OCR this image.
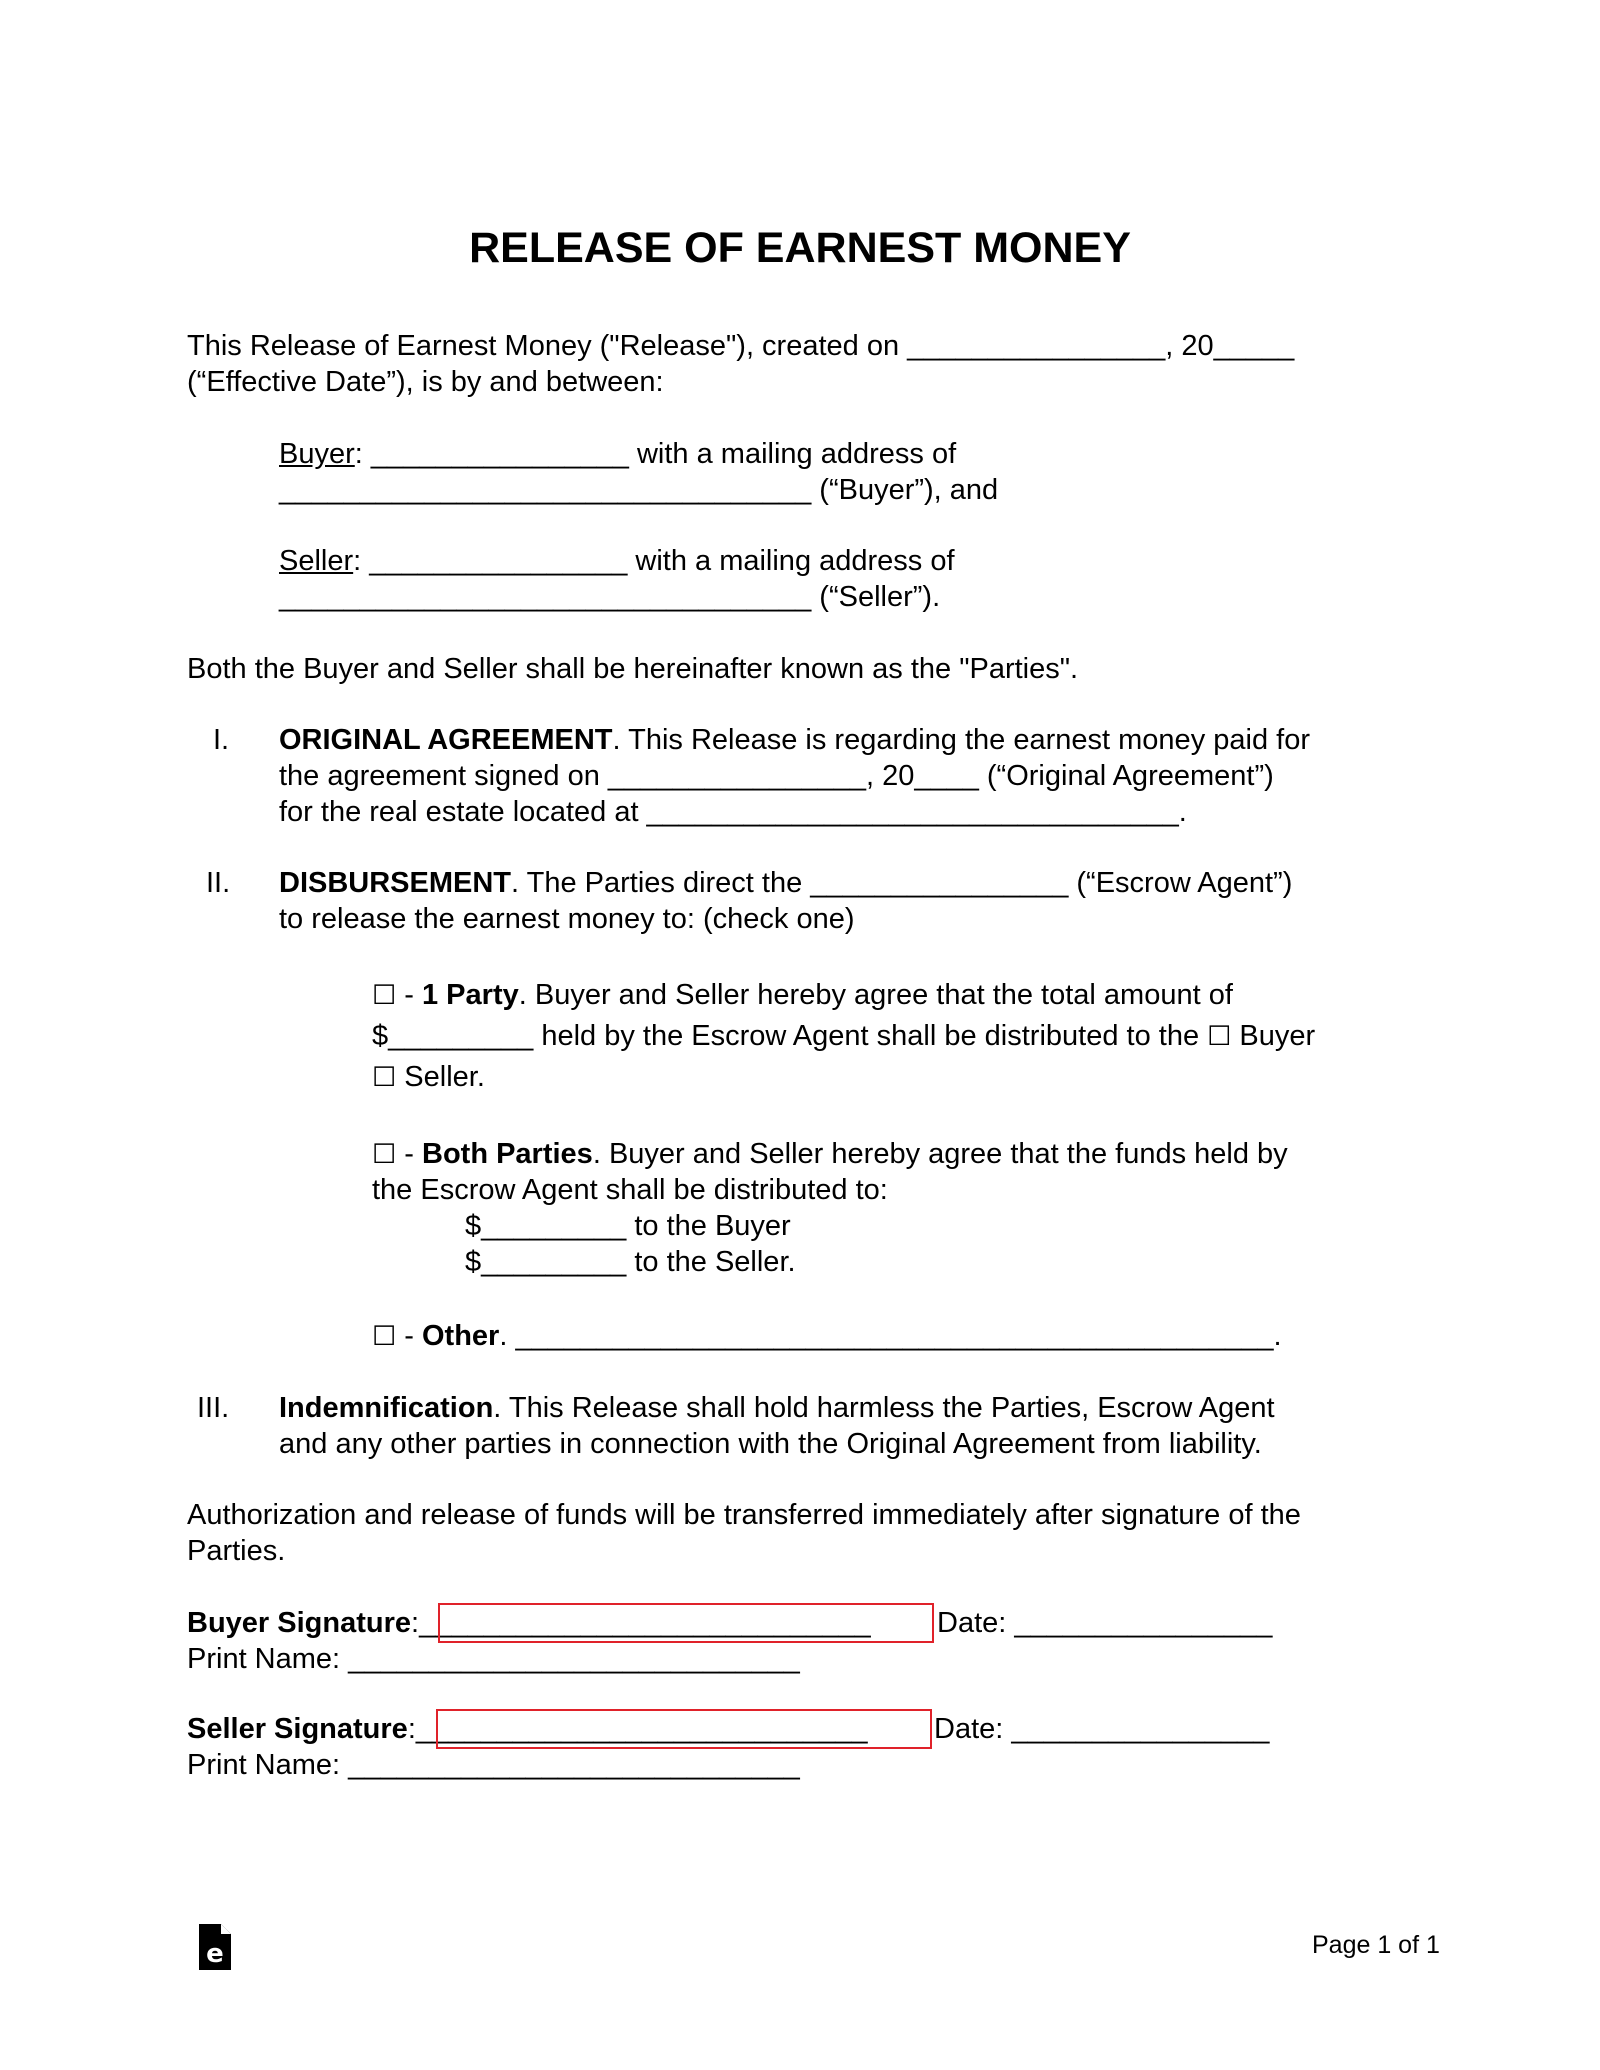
RELEASE OF EARNEST MONEY
This Release of Earnest Money ("Release"), created on ________________, 20_____
(“Effective Date”), is by and between:
Buyer: ________________ with a mailing address of
_________________________________ (“Buyer”), and
Seller: ________________ with a mailing address of
_________________________________ (“Seller”).
Both the Buyer and Seller shall be hereinafter known as the "Parties".
I. ORIGINAL AGREEMENT. This Release is regarding the earnest money paid for
the agreement signed on ________________, 20____ (“Original Agreement”)
for the real estate located at _________________________________.
II. DISBURSEMENT. The Parties direct the ________________ (“Escrow Agent”)
to release the earnest money to: (check one)
☐ - 1 Party. Buyer and Seller hereby agree that the total amount of
$_________ held by the Escrow Agent shall be distributed to the ☐ Buyer
☐ Seller.
☐ - Both Parties. Buyer and Seller hereby agree that the funds held by
the Escrow Agent shall be distributed to:
$_________ to the Buyer
$_________ to the Seller.
☐ - Other. _______________________________________________.
III. Indemnification. This Release shall hold harmless the Parties, Escrow Agent
and any other parties in connection with the Original Agreement from liability.
Authorization and release of funds will be transferred immediately after signature of the
Parties.
Buyer Signature:____________________________ Date: ________________
Print Name: ____________________________
Seller Signature:____________________________ Date: ________________
Print Name: ____________________________
e	Page 1 of 1
